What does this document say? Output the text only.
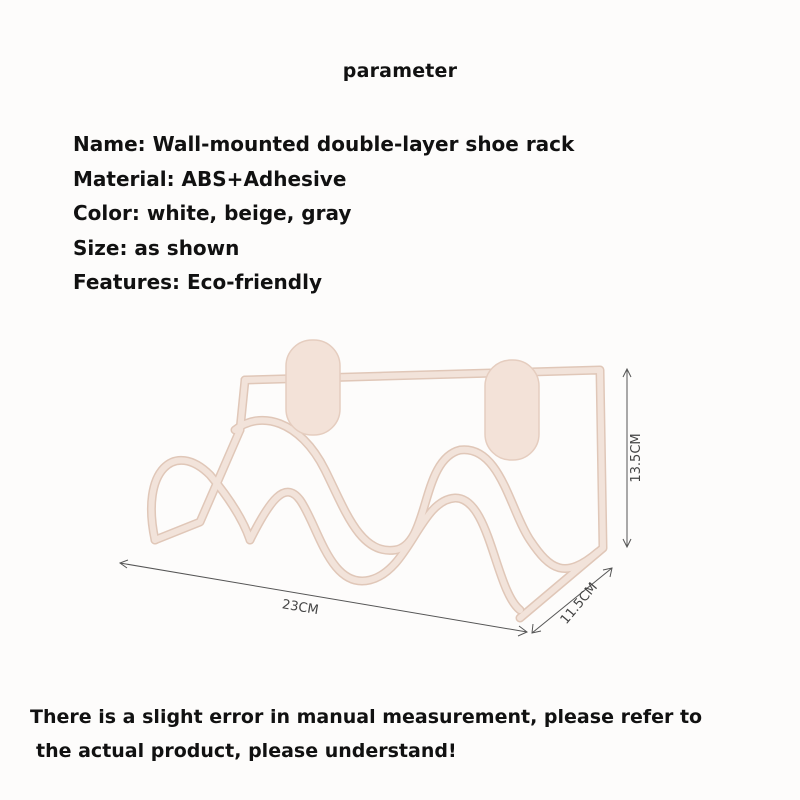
parameter
Name: Wall-mounted double-layer shoe rack
Material: ABS+Adhesive
Color: white, beige, gray
Size: as shown
Features: Eco-friendly
23CM
13.5CM
11.5CM
There is a slight error in manual measurement, please refer to
the actual product, please understand!
